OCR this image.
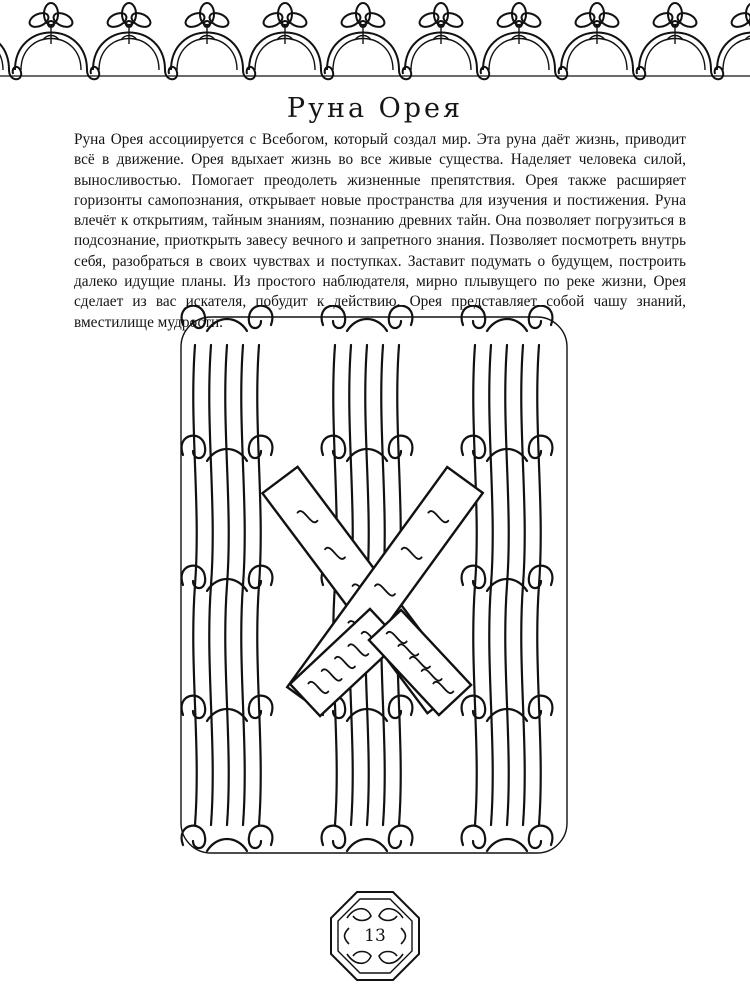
Руна Орея

Руна Орея ассоциируется с Всебогом, который создал мир. Эта руна даёт жизнь, приводит всё в движение. Орея вдыхает жизнь во все живые существа. Наделяет человека силой, выносливостью. Помогает преодолеть жизненные препятствия. Орея также расширяет горизонты самопознания, открывает новые пространства для изучения и постижения. Руна влечёт к открытиям, тайным знаниям, познанию древних тайн. Она позволяет погрузиться в подсознание, приоткрыть завесу вечного и запретного знания. Позволяет посмотреть внутрь себя, разобраться в своих чувствах и поступках. Заставит подумать о будущем, построить далеко идущие планы. Из простого наблюдателя, мирно плывущего по реке жизни, Орея сделает из вас искателя, побудит к действию. Орея представляет собой чашу знаний, вместилище мудрости.

13
